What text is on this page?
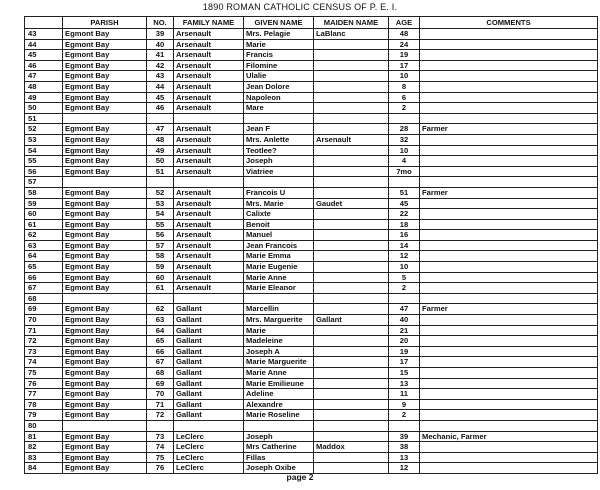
1890 ROMAN CATHOLIC CENSUS OF P. E. I.
	PARISH	NO.	FAMILY NAME	GIVEN NAME	MAIDEN NAME	AGE	COMMENTS
43	Egmont Bay	39	Arsenault	Mrs. Pelagie	LaBlanc	48	
44	Egmont Bay	40	Arsenault	Marie		24	
45	Egmont Bay	41	Arsenault	Francis		19	
46	Egmont Bay	42	Arsenault	Filomine		17	
47	Egmont Bay	43	Arsenault	Ulalie		10	
48	Egmont Bay	44	Arsenault	Jean Dolore		8	
49	Egmont Bay	45	Arsenault	Napoleon		6	
50	Egmont Bay	46	Arsenault	Mare		2	
51							
52	Egmont Bay	47	Arsenault	Jean F		28	Farmer
53	Egmont Bay	48	Arsenault	Mrs. Anlette	Arsenault	32	
54	Egmont Bay	49	Arsenault	Teotlee?		10	
55	Egmont Bay	50	Arsenault	Joseph		4	
56	Egmont Bay	51	Arsenault	Viatriee		7mo	
57							
58	Egmont Bay	52	Arsenault	Francois U		51	Farmer
59	Egmont Bay	53	Arsenault	Mrs. Marie	Gaudet	45	
60	Egmont Bay	54	Arsenault	Calixte		22	
61	Egmont Bay	55	Arsenault	Benoit		18	
62	Egmont Bay	56	Arsenault	Manuel		16	
63	Egmont Bay	57	Arsenault	Jean Francois		14	
64	Egmont Bay	58	Arsenault	Marie Emma		12	
65	Egmont Bay	59	Arsenault	Marie Eugenie		10	
66	Egmont Bay	60	Arsenault	Marie Anne		5	
67	Egmont Bay	61	Arsenault	Marie Eleanor		2	
68							
69	Egmont Bay	62	Gallant	Marcellin		47	Farmer
70	Egmont Bay	63	Gallant	Mrs. Marguerite	Gallant	40	
71	Egmont Bay	64	Gallant	Marie		21	
72	Egmont Bay	65	Gallant	Madeleine		20	
73	Egmont Bay	66	Gallant	Joseph A		19	
74	Egmont Bay	67	Gallant	Marie Marguerite		17	
75	Egmont Bay	68	Gallant	Marie Anne		15	
76	Egmont Bay	69	Gallant	Marie Emilieune		13	
77	Egmont Bay	70	Gallant	Adeline		11	
78	Egmont Bay	71	Gallant	Alexandre		9	
79	Egmont Bay	72	Gallant	Marie Roseline		2	
80							
81	Egmont Bay	73	LeClerc	Joseph		39	Mechanic, Farmer
82	Egmont Bay	74	LeClerc	Mrs Catherine	Maddox	38	
83	Egmont Bay	75	LeClerc	Fillas		13	
84	Egmont Bay	76	LeClerc	Joseph Oxibe		12	
page 2
